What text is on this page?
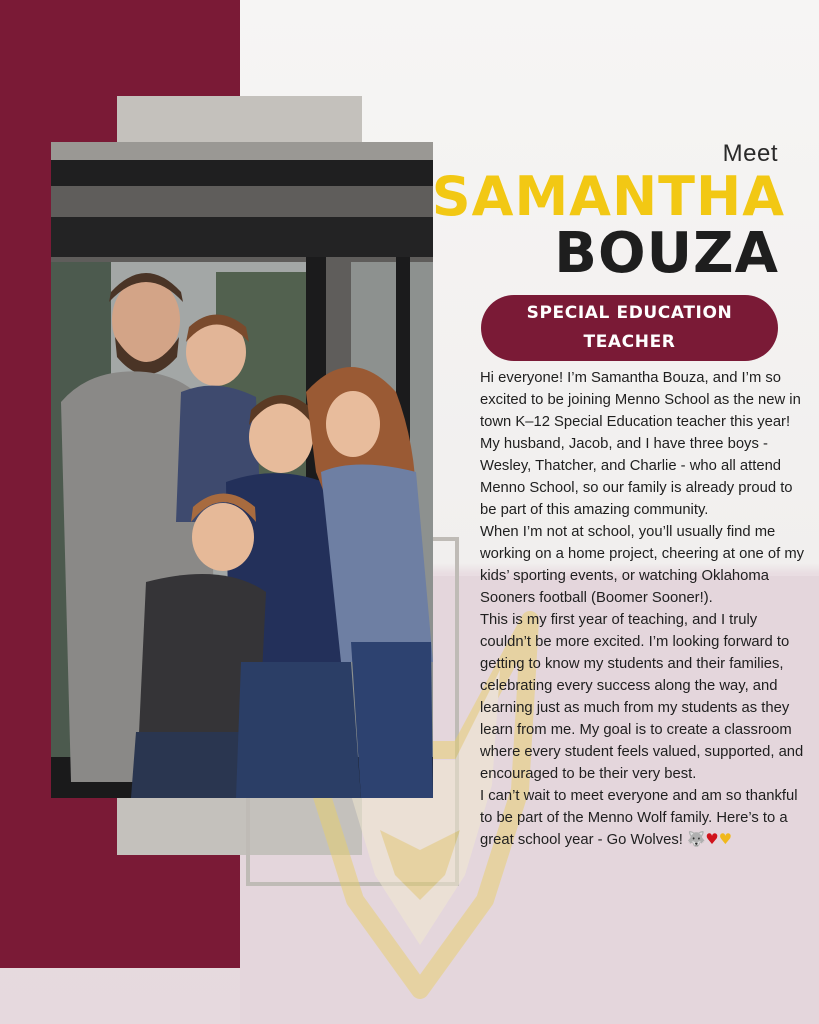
Meet
SAMANTHA
BOUZA
SPECIAL EDUCATION TEACHER

Hi everyone! I’m Samantha Bouza, and I’m so excited to be joining Menno School as the new in town K–12 Special Education teacher this year!

My husband, Jacob, and I have three boys - Wesley, Thatcher, and Charlie - who all attend Menno School, so our family is already proud to be part of this amazing community.

When I’m not at school, you’ll usually find me working on a home project, cheering at one of my kids’ sporting events, or watching Oklahoma Sooners football (Boomer Sooner!).

This is my first year of teaching, and I truly couldn’t be more excited. I’m looking forward to getting to know my students and their families, celebrating every success along the way, and learning just as much from my students as they learn from me. My goal is to create a classroom where every student feels valued, supported, and encouraged to be their very best.

I can’t wait to meet everyone and am so thankful to be part of the Menno Wolf family. Here’s to a great school year - Go Wolves! 🐺♥♥
